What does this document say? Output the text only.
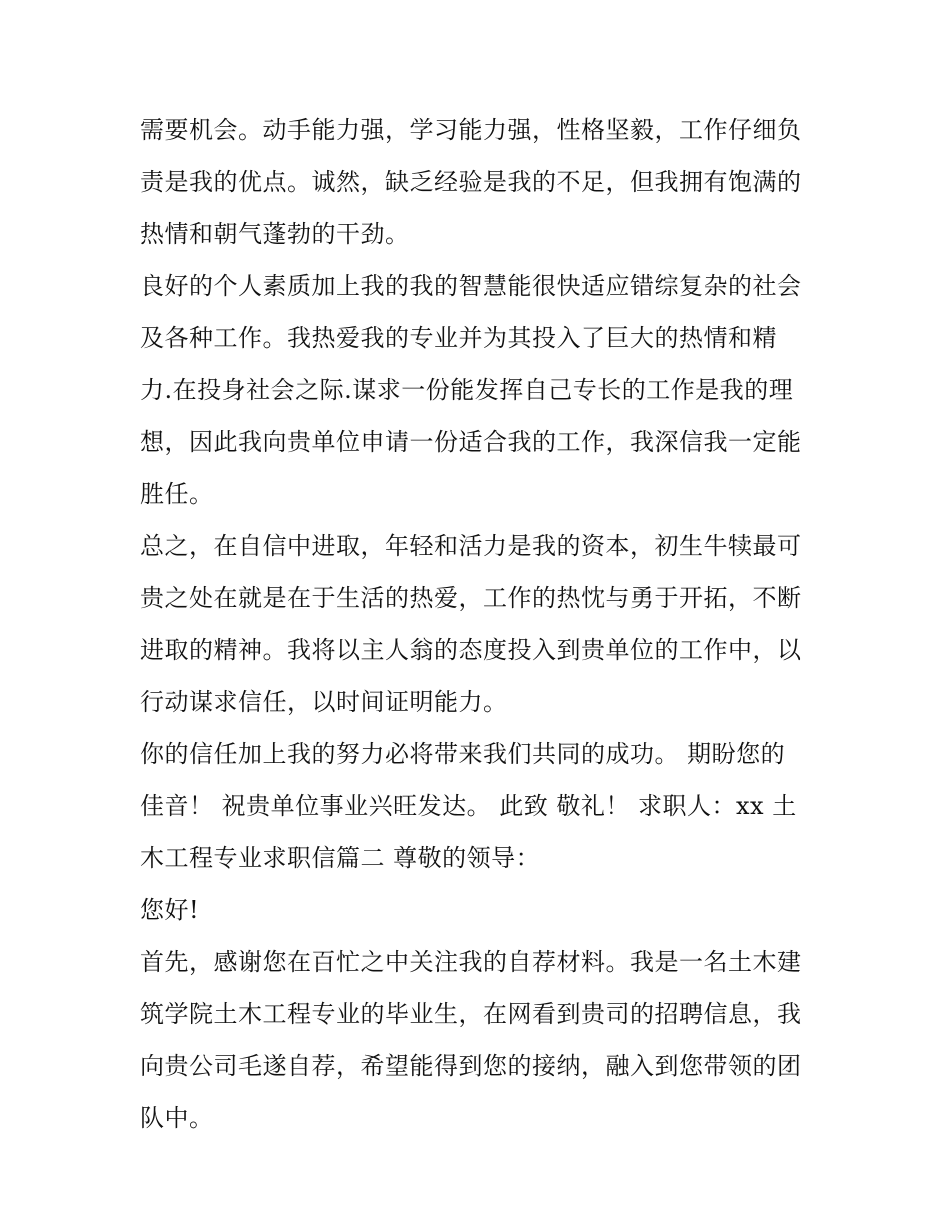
需要机会。动手能力强，学习能力强，性格坚毅，工作仔细负
责是我的优点。诚然，缺乏经验是我的不足，但我拥有饱满的
热情和朝气蓬勃的干劲。
良好的个人素质加上我的我的智慧能很快适应错综复杂的社会
及各种工作。我热爱我的专业并为其投入了巨大的热情和精
力.在投身社会之际.谋求一份能发挥自己专长的工作是我的理
想，因此我向贵单位申请一份适合我的工作，我深信我一定能
胜任。
总之，在自信中进取，年轻和活力是我的资本，初生牛犊最可
贵之处在就是在于生活的热爱，工作的热忱与勇于开拓，不断
进取的精神。我将以主人翁的态度投入到贵单位的工作中，以
行动谋求信任，以时间证明能力。
你的信任加上我的努力必将带来我们共同的成功。 期盼您的
佳音！ 祝贵单位事业兴旺发达。 此致 敬礼！ 求职人：xx 土
木工程专业求职信篇二 尊敬的领导：
您好!
首先，感谢您在百忙之中关注我的自荐材料。我是一名土木建
筑学院土木工程专业的毕业生，在网看到贵司的招聘信息，我
向贵公司毛遂自荐，希望能得到您的接纳，融入到您带领的团
队中。
